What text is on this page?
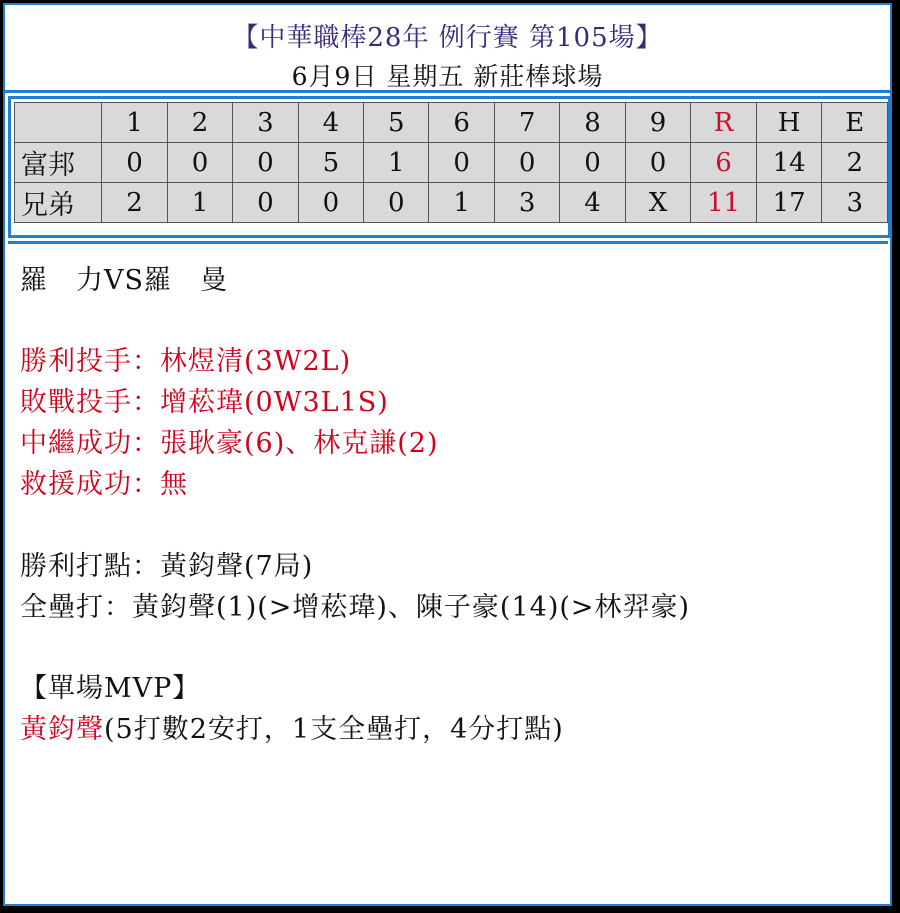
【中華職棒28年 例行賽 第105場】
6月9日 星期五 新莊棒球場
	1	2	3	4	5	6	7	8	9	R	H	E
富邦	0	0	0	5	1	0	0	0	0	6	14	2
兄弟	2	1	0	0	0	1	3	4	X	11	17	3
羅　力VS羅　曼
勝利投手：林煜清(3W2L)
敗戰投手：增菘瑋(0W3L1S)
中繼成功：張耿豪(6)、林克謙(2)
救援成功：無
勝利打點：黃鈞聲(7局)
全壘打：黃鈞聲(1)(>增菘瑋)、陳子豪(14)(>林羿豪)
【單場MVP】
黃鈞聲(5打數2安打，1支全壘打，4分打點)
